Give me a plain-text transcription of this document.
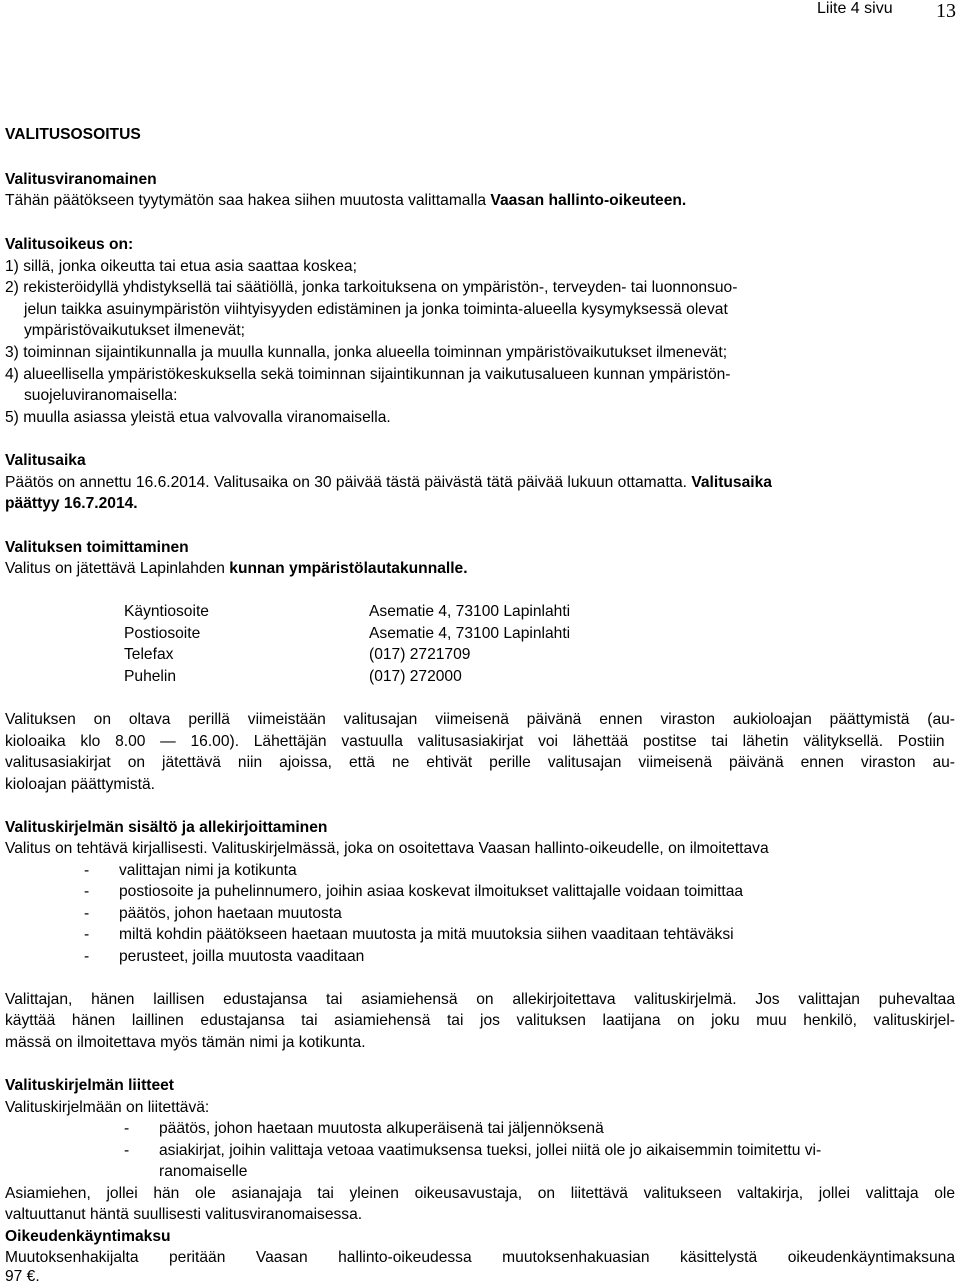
Liite 4 sivu 13
VALITUSOSOITUS
Valitusviranomainen
Tähän päätökseen tyytymätön saa hakea siihen muutosta valittamalla Vaasan hallinto-oikeuteen.
Valitusoikeus on:
1) sillä, jonka oikeutta tai etua asia saattaa koskea;
2) rekisteröidyllä yhdistyksellä tai säätiöllä, jonka tarkoituksena on ympäristön-, terveyden- tai luonnonsuo-
jelun taikka asuinympäristön viihtyisyyden edistäminen ja jonka toiminta-alueella kysymyksessä olevat
ympäristövaikutukset ilmenevät;
3) toiminnan sijaintikunnalla ja muulla kunnalla, jonka alueella toiminnan ympäristövaikutukset ilmenevät;
4) alueellisella ympäristökeskuksella sekä toiminnan sijaintikunnan ja vaikutusalueen kunnan ympäristön-
suojeluviranomaisella:
5) muulla asiassa yleistä etua valvovalla viranomaisella.
Valitusaika
Päätös on annettu 16.6.2014. Valitusaika on 30 päivää tästä päivästä tätä päivää lukuun ottamatta. Valitusaika
päättyy 16.7.2014.
Valituksen toimittaminen
Valitus on jätettävä Lapinlahden kunnan ympäristölautakunnalle.
Käyntiosoite	Asematie 4, 73100 Lapinlahti
Postiosoite	Asematie 4, 73100 Lapinlahti
Telefax	(017) 2721709
Puhelin	(017) 272000
Valituksen on oltava perillä viimeistään valitusajan viimeisenä päivänä ennen viraston aukioloajan päättymistä (au-
kioloaika klo 8.00 — 16.00). Lähettäjän vastuulla valitusasiakirjat voi lähettää postitse tai lähetin välityksellä. Postiin
valitusasiakirjat on jätettävä niin ajoissa, että ne ehtivät perille valitusajan viimeisenä päivänä ennen viraston au-
kioloajan päättymistä.
Valituskirjelmän sisältö ja allekirjoittaminen
Valitus on tehtävä kirjallisesti. Valituskirjelmässä, joka on osoitettava Vaasan hallinto-oikeudelle, on ilmoitettava
- valittajan nimi ja kotikunta
- postiosoite ja puhelinnumero, joihin asiaa koskevat ilmoitukset valittajalle voidaan toimittaa
- päätös, johon haetaan muutosta
- miltä kohdin päätökseen haetaan muutosta ja mitä muutoksia siihen vaaditaan tehtäväksi
- perusteet, joilla muutosta vaaditaan
Valittajan, hänen laillisen edustajansa tai asiamiehensä on allekirjoitettava valituskirjelmä. Jos valittajan puhevaltaa
käyttää hänen laillinen edustajansa tai asiamiehensä tai jos valituksen laatijana on joku muu henkilö, valituskirjel-
mässä on ilmoitettava myös tämän nimi ja kotikunta.
Valituskirjelmän liitteet
Valituskirjelmään on liitettävä:
- päätös, johon haetaan muutosta alkuperäisenä tai jäljennöksenä
- asiakirjat, joihin valittaja vetoaa vaatimuksensa tueksi, jollei niitä ole jo aikaisemmin toimitettu vi-
ranomaiselle
Asiamiehen, jollei hän ole asianajaja tai yleinen oikeusavustaja, on liitettävä valitukseen valtakirja, jollei valittaja ole
valtuuttanut häntä suullisesti valitusviranomaisessa.
Oikeudenkäyntimaksu
Muutoksenhakijalta peritään Vaasan hallinto-oikeudessa muutoksenhakuasian käsittelystä oikeudenkäyntimaksuna
97 €.
